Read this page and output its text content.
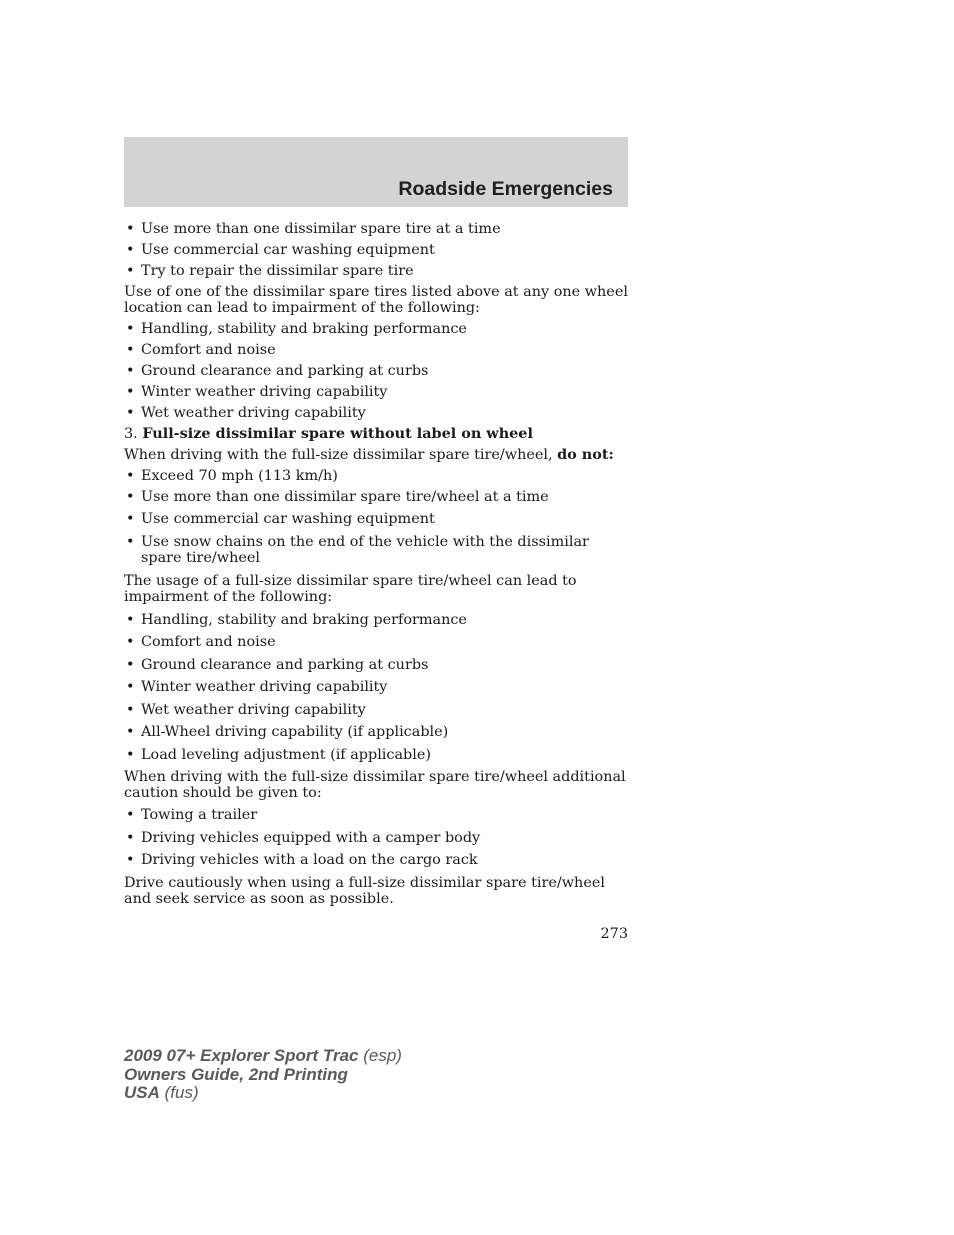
Roadside Emergencies
• Use more than one dissimilar spare tire at a time
• Use commercial car washing equipment
• Try to repair the dissimilar spare tire
Use of one of the dissimilar spare tires listed above at any one wheel location can lead to impairment of the following:
• Handling, stability and braking performance
• Comfort and noise
• Ground clearance and parking at curbs
• Winter weather driving capability
• Wet weather driving capability
3. Full-size dissimilar spare without label on wheel
When driving with the full-size dissimilar spare tire/wheel, do not:
• Exceed 70 mph (113 km/h)
• Use more than one dissimilar spare tire/wheel at a time
• Use commercial car washing equipment
• Use snow chains on the end of the vehicle with the dissimilar spare tire/wheel
The usage of a full-size dissimilar spare tire/wheel can lead to impairment of the following:
• Handling, stability and braking performance
• Comfort and noise
• Ground clearance and parking at curbs
• Winter weather driving capability
• Wet weather driving capability
• All-Wheel driving capability (if applicable)
• Load leveling adjustment (if applicable)
When driving with the full-size dissimilar spare tire/wheel additional caution should be given to:
• Towing a trailer
• Driving vehicles equipped with a camper body
• Driving vehicles with a load on the cargo rack
Drive cautiously when using a full-size dissimilar spare tire/wheel and seek service as soon as possible.
273
2009 07+ Explorer Sport Trac (esp)
Owners Guide, 2nd Printing
USA (fus)
